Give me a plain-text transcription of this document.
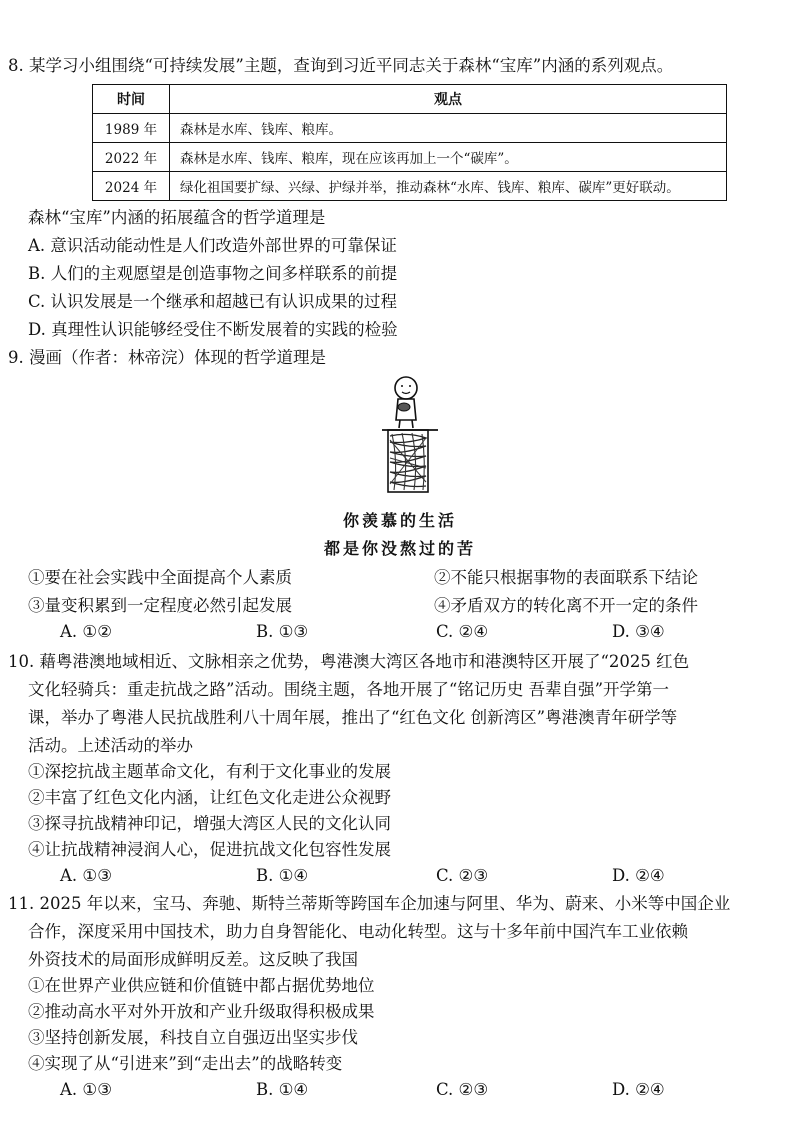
8. 某学习小组围绕“可持续发展”主题，查询到习近平同志关于森林“宝库”内涵的系列观点。
时间	观点
1989 年	森林是水库、钱库、粮库。
2022 年	森林是水库、钱库、粮库，现在应该再加上一个“碳库”。
2024 年	绿化祖国要扩绿、兴绿、护绿并举，推动森林“水库、钱库、粮库、碳库”更好联动。
森林“宝库”内涵的拓展蕴含的哲学道理是
A. 意识活动能动性是人们改造外部世界的可靠保证
B. 人们的主观愿望是创造事物之间多样联系的前提
C. 认识发展是一个继承和超越已有认识成果的过程
D. 真理性认识能够经受住不断发展着的实践的检验
9. 漫画（作者：林帝浣）体现的哲学道理是
你羡慕的生活
都是你没熬过的苦
①要在社会实践中全面提高个人素质	②不能只根据事物的表面联系下结论
③量变积累到一定程度必然引起发展	④矛盾双方的转化离不开一定的条件
A. ①②	B. ①③	C. ②④	D. ③④
10. 藉粤港澳地域相近、文脉相亲之优势，粤港澳大湾区各地市和港澳特区开展了“2025 红色
文化轻骑兵：重走抗战之路”活动。围绕主题，各地开展了“铭记历史 吾辈自强”开学第一
课，举办了粤港人民抗战胜利八十周年展，推出了“红色文化 创新湾区”粤港澳青年研学等
活动。上述活动的举办
①深挖抗战主题革命文化，有利于文化事业的发展
②丰富了红色文化内涵，让红色文化走进公众视野
③探寻抗战精神印记，增强大湾区人民的文化认同
④让抗战精神浸润人心，促进抗战文化包容性发展
A. ①③	B. ①④	C. ②③	D. ②④
11. 2025 年以来，宝马、奔驰、斯特兰蒂斯等跨国车企加速与阿里、华为、蔚来、小米等中国企业
合作，深度采用中国技术，助力自身智能化、电动化转型。这与十多年前中国汽车工业依赖
外资技术的局面形成鲜明反差。这反映了我国
①在世界产业供应链和价值链中都占据优势地位
②推动高水平对外开放和产业升级取得积极成果
③坚持创新发展，科技自立自强迈出坚实步伐
④实现了从“引进来”到“走出去”的战略转变
A. ①③	B. ①④	C. ②③	D. ②④
